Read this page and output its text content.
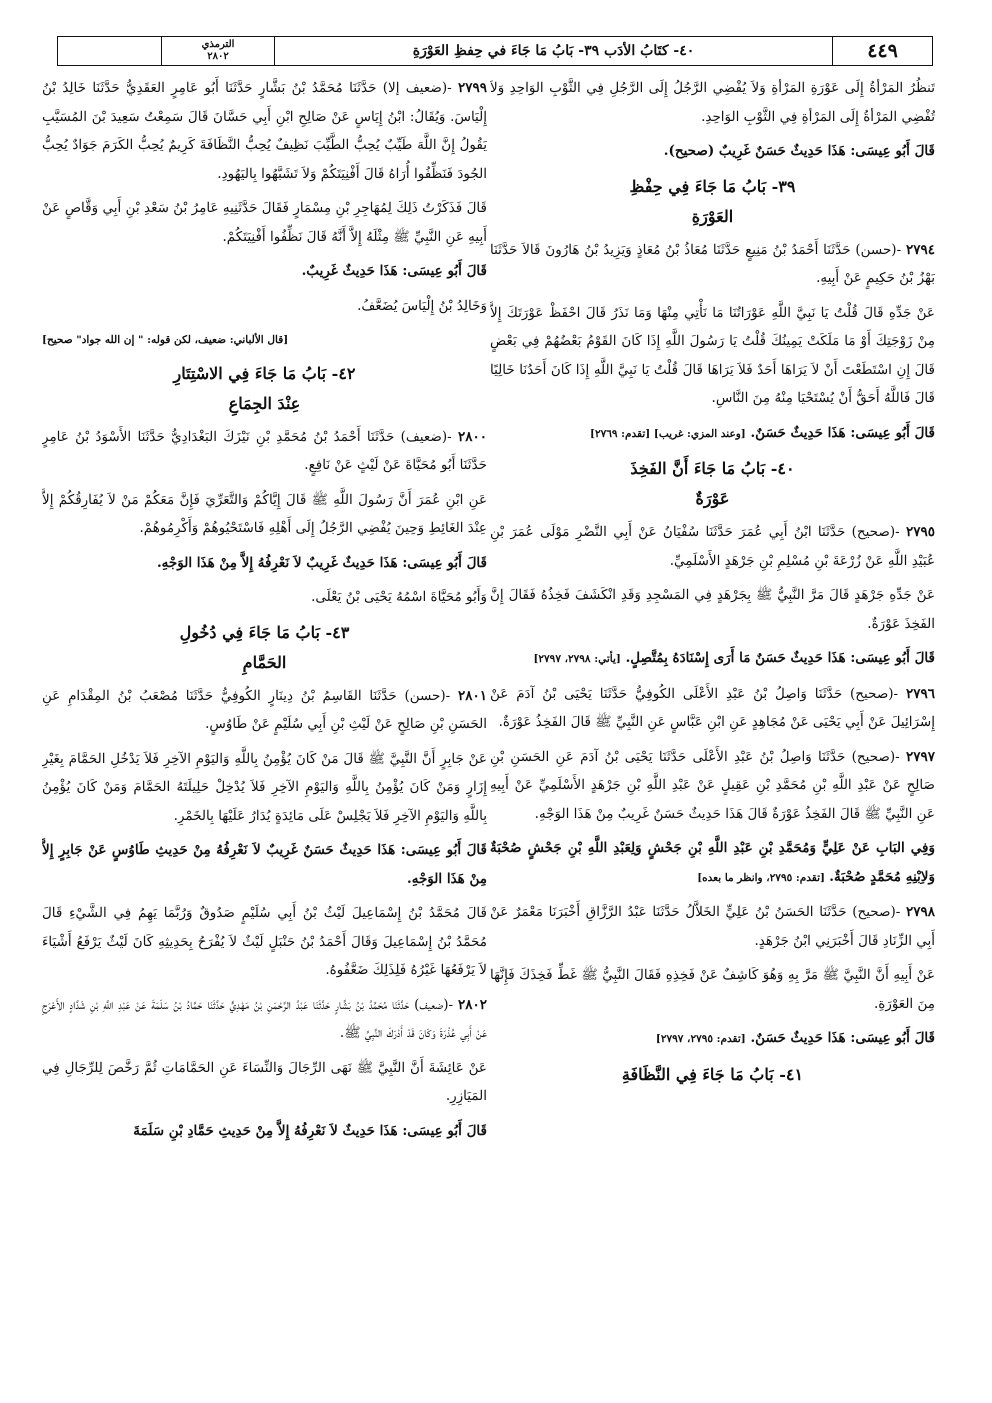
٤٤٩
٤٠- كتَابُ الأدَب ٣٩- بَابُ مَا جَاءَ في حِفظِ العَوْرَةِ
الترمذي
٢٨٠٢

تَنظُرُ المَرْأةُ إِلَى عَوْرَةِ المَرْأةِ وَلاَ يُفْضِي الرَّجُلُ إِلَى الرَّجُلِ فِي الثَّوْبِ الوَاحِدِ وَلاَ تُفْضِي المَرْأةُ إِلَى المَرْأةِ فِي الثَّوْبِ الوَاحِدِ.

قَالَ أَبُو عِيسَى: هَذَا حَدِيثٌ حَسَنٌ غَرِيبٌ (صحيح).

٣٩- بَابُ مَا جَاءَ فِي حِفْظِ
العَوْرَةِ

٢٧٩٤ -(حسن) حَدَّثَنَا أَحْمَدُ بْنُ مَنِيعٍ حَدَّثَنَا مُعَاذُ بْنُ مُعَاذٍ وَيَزِيدُ بْنُ هَارُونَ قَالاَ حَدَّثَنَا بَهْزُ بْنُ حَكِيمٍ عَنْ أَبِيهِ.

عَنْ جَدِّهِ قَالَ قُلْتُ يَا نَبِيَّ اللَّهِ عَوْرَاتُنَا مَا نَأْتِي مِنْهَا وَمَا نَذَرُ قَالَ احْفَظْ عَوْرَتَكَ إِلاَّ مِنْ زَوْجَتِكَ أَوْ مَا مَلَكَتْ يَمِينُكَ قُلْتُ يَا رَسُولَ اللَّهِ إِذَا كَانَ القَوْمُ بَعْضُهُمْ فِي بَعْضٍ قَالَ إِنِ اسْتَطَعْتَ أَنْ لاَ يَرَاهَا أَحَدٌ فَلاَ يَرَاهَا قَالَ قُلْتُ يَا نَبِيَّ اللَّهِ إِذَا كَانَ أَحَدُنَا خَالِيًا قَالَ فَاللَّهُ أَحَقُّ أَنْ يُسْتَحْيَا مِنْهُ مِنَ النَّاسِ.

قَالَ أَبُو عِيسَى: هَذَا حَدِيثٌ حَسَنٌ. [وعند المزي: غريب] [تقدم: ٢٧٦٩]

٤٠- بَابُ مَا جَاءَ أَنَّ الفَخِذَ
عَوْرَةٌ

٢٧٩٥ -(صحيح) حَدَّثَنَا ابْنُ أَبِي عُمَرَ حَدَّثَنَا سُفْيَانُ عَنْ أَبِي النَّضْرِ مَوْلَى عُمَرَ بْنِ عُبَيْدِ اللَّهِ عَنْ زُرْعَةَ بْنِ مُسْلِمِ بْنِ جَرْهَدٍ الأَسْلَمِيِّ.

عَنْ جَدِّهِ جَرْهَدٍ قَالَ مَرَّ النَّبِيُّ ﷺ بِجَرْهَدٍ فِي المَسْجِدِ وَقَدِ انْكَشَفَ فَخِذُهُ فَقَالَ إِنَّ الفَخِذَ عَوْرَةٌ.

قَالَ أَبُو عِيسَى: هَذَا حَدِيثٌ حَسَنٌ مَا أَرَى إِسْنَادَهُ بِمُتَّصِلٍ. [يأتي: ٢٧٩٨، ٢٧٩٧]

٢٧٩٦ -(صحيح) حَدَّثَنَا وَاصِلُ بْنُ عَبْدِ الأَعْلَى الكُوفِيُّ حَدَّثَنَا يَحْيَى بْنُ آدَمَ عَنْ إِسْرَائِيلَ عَنْ أَبِي يَحْيَى عَنْ مُجَاهِدٍ عَنِ ابْنِ عَبَّاسٍ عَنِ النَّبِيِّ ﷺ قَالَ الفَخِذُ عَوْرَةٌ.

٢٧٩٧ -(صحيح) حَدَّثَنَا وَاصِلُ بْنُ عَبْدِ الأَعْلَى حَدَّثَنَا يَحْيَى بْنُ آدَمَ عَنِ الحَسَنِ بْنِ صَالِحٍ عَنْ عَبْدِ اللَّهِ بْنِ مُحَمَّدِ بْنِ عَقِيلٍ عَنْ عَبْدِ اللَّهِ بْنِ جَرْهَدٍ الأَسْلَمِيِّ عَنْ أَبِيهِ عَنِ النَّبِيِّ ﷺ قَالَ الفَخِذُ عَوْرَةٌ قَالَ هَذَا حَدِيثٌ حَسَنٌ غَرِيبٌ مِنْ هَذَا الوَجْهِ.

وَفِي البَابِ عَنْ عَلِيٍّ وَمُحَمَّدِ بْنِ عَبْدِ اللَّهِ بْنِ جَحْشٍ وَلِعَبْدِ اللَّهِ بْنِ جَحْشٍ صُحْبَةٌ وَلاِبْنِهِ مُحَمَّدٍ صُحْبَةٌ. [تقدم: ٢٧٩٥، وانظر ما بعده]

٢٧٩٨ -(صحيح) حَدَّثَنَا الحَسَنُ بْنُ عَلِيٍّ الخَلاَّلُ حَدَّثَنَا عَبْدُ الرَّزَّاقِ أَخْبَرَنَا مَعْمَرٌ عَنْ أَبِي الزِّنَادِ قَالَ أَخْبَرَنِي ابْنُ جَرْهَدٍ.

عَنْ أَبِيهِ أَنَّ النَّبِيَّ ﷺ مَرَّ بِهِ وَهُوَ كَاشِفٌ عَنْ فَخِذِهِ فَقَالَ النَّبِيُّ ﷺ غَطِّ فَخِذَكَ فَإِنَّهَا مِنَ العَوْرَةِ.

قَالَ أَبُو عِيسَى: هَذَا حَدِيثٌ حَسَنٌ. [تقدم: ٢٧٩٥، ٢٧٩٧]

٤١- بَابُ مَا جَاءَ فِي النَّظَافَةِ

٢٧٩٩ -(ضعيف إلا) حَدَّثَنَا مُحَمَّدُ بْنُ بَشَّارٍ حَدَّثَنَا أَبُو عَامِرٍ العَقَدِيُّ حَدَّثَنَا خَالِدُ بْنُ إِلْيَاسَ. وَيُقَالُ: ابْنُ إِيَاسٍ عَنْ صَالِحِ ابْنِ أَبِي حَسَّانَ قَالَ سَمِعْتُ سَعِيدَ بْنَ المُسَيَّبِ يَقُولُ إِنَّ اللَّهَ طَيِّبٌ يُحِبُّ الطَّيِّبَ نَظِيفٌ يُحِبُّ النَّظَافَةَ كَرِيمٌ يُحِبُّ الكَرَمَ جَوَادٌ يُحِبُّ الجُودَ فَنَظِّفُوا أُرَاهُ قَالَ أَفْنِيَتَكُمْ وَلاَ تَشَبَّهُوا بِاليَهُودِ.

قَالَ فَذَكَرْتُ ذَلِكَ لِمُهَاجِرِ بْنِ مِسْمَارٍ فَقَالَ حَدَّثَنِيهِ عَامِرُ بْنُ سَعْدِ بْنِ أَبِي وَقَّاصٍ عَنْ أَبِيهِ عَنِ النَّبِيِّ ﷺ مِثْلَهُ إِلاَّ أَنَّهُ قَالَ نَظِّفُوا أَفْنِيَتَكُمْ.

قَالَ أَبُو عِيسَى: هَذَا حَدِيثٌ غَرِيبٌ.

وَخَالِدُ بْنُ إِلْيَاسَ يُضَعَّفُ.

[قال الألباني: ضعيف، لكن قوله: " إن الله جواد" صحيح]

٤٢- بَابُ مَا جَاءَ فِي الاسْتِتَارِ
عِنْدَ الجِمَاعِ

٢٨٠٠ -(ضعيف) حَدَّثَنَا أَحْمَدُ بْنُ مُحَمَّدِ بْنِ نَيْزَكَ البَغْدَادِيُّ حَدَّثَنَا الأَسْوَدُ بْنُ عَامِرٍ حَدَّثَنَا أَبُو مُحَيَّاةَ عَنْ لَيْثٍ عَنْ نَافِعٍ.

عَنِ ابْنِ عُمَرَ أَنَّ رَسُولَ اللَّهِ ﷺ قَالَ إِيَّاكُمْ وَالتَّعَرِّيَ فَإِنَّ مَعَكُمْ مَنْ لاَ يُفَارِقُكُمْ إِلاَّ عِنْدَ الغَائِطِ وَحِينَ يُفْضِي الرَّجُلُ إِلَى أَهْلِهِ فَاسْتَحْيُوهُمْ وَأَكْرِمُوهُمْ.

قَالَ أَبُو عِيسَى: هَذَا حَدِيثٌ غَرِيبٌ لاَ نَعْرِفُهُ إِلاَّ مِنْ هَذَا الوَجْهِ.

وَأَبُو مُحَيَّاةَ اسْمُهُ يَحْيَى بْنُ يَعْلَى.

٤٣- بَابُ مَا جَاءَ فِي دُخُولِ
الحَمَّامِ

٢٨٠١ -(حسن) حَدَّثَنَا القَاسِمُ بْنُ دِينَارٍ الكُوفِيُّ حَدَّثَنَا مُصْعَبُ بْنُ المِقْدَامِ عَنِ الحَسَنِ بْنِ صَالِحٍ عَنْ لَيْثِ بْنِ أَبِي سُلَيْمٍ عَنْ طَاوُسٍ.

عَنْ جَابِرٍ أَنَّ النَّبِيَّ ﷺ قَالَ مَنْ كَانَ يُؤْمِنُ بِاللَّهِ وَاليَوْمِ الآخِرِ فَلاَ يَدْخُلِ الحَمَّامَ بِغَيْرِ إِزَارٍ وَمَنْ كَانَ يُؤْمِنُ بِاللَّهِ وَاليَوْمِ الآخِرِ فَلاَ يُدْخِلْ حَلِيلَتَهُ الحَمَّامَ وَمَنْ كَانَ يُؤْمِنُ بِاللَّهِ وَاليَوْمِ الآخِرِ فَلاَ يَجْلِسْ عَلَى مَائِدَةٍ يُدَارُ عَلَيْهَا بِالخَمْرِ.

قَالَ أَبُو عِيسَى: هَذَا حَدِيثٌ حَسَنٌ غَرِيبٌ لاَ نَعْرِفُهُ مِنْ حَدِيثِ طَاوُسٍ عَنْ جَابِرٍ إِلاَّ مِنْ هَذَا الوَجْهِ.

قَالَ مُحَمَّدُ بْنُ إِسْمَاعِيلَ لَيْثُ بْنُ أَبِي سُلَيْمٍ صَدُوقٌ وَرُبَّمَا يَهِمُ فِي الشَّيْءِ قَالَ مُحَمَّدُ بْنُ إِسْمَاعِيلَ وَقَالَ أَحْمَدُ بْنُ حَنْبَلٍ لَيْثٌ لاَ يُفْرَحُ بِحَدِيثِهِ كَانَ لَيْثٌ يَرْفَعُ أَشْيَاءَ لاَ يَرْفَعُهَا غَيْرُهُ فَلِذَلِكَ ضَعَّفُوهُ.

٢٨٠٢ -(ضعيف) حَدَّثَنَا مُحَمَّدُ بْنُ بَشَّارٍ حَدَّثَنَا عَبْدُ الرَّحْمَنِ بْنُ مَهْدِيٍّ حَدَّثَنَا حَمَّادُ بْنُ سَلَمَةَ عَنْ عَبْدِ اللَّهِ بْنِ شَدَّادٍ الأَعْرَجِ عَنْ أَبِي عُذْرَةَ وَكَانَ قَدْ أَدْرَكَ النَّبِيَّ ﷺ.

عَنْ عَائِشَةَ أَنَّ النَّبِيَّ ﷺ نَهَى الرِّجَالَ وَالنِّسَاءَ عَنِ الحَمَّامَاتِ ثُمَّ رَخَّصَ لِلرِّجَالِ فِي المَيَازِرِ.

قَالَ أَبُو عِيسَى: هَذَا حَدِيثٌ لاَ نَعْرِفُهُ إِلاَّ مِنْ حَدِيثِ حَمَّادِ بْنِ سَلَمَةَ
